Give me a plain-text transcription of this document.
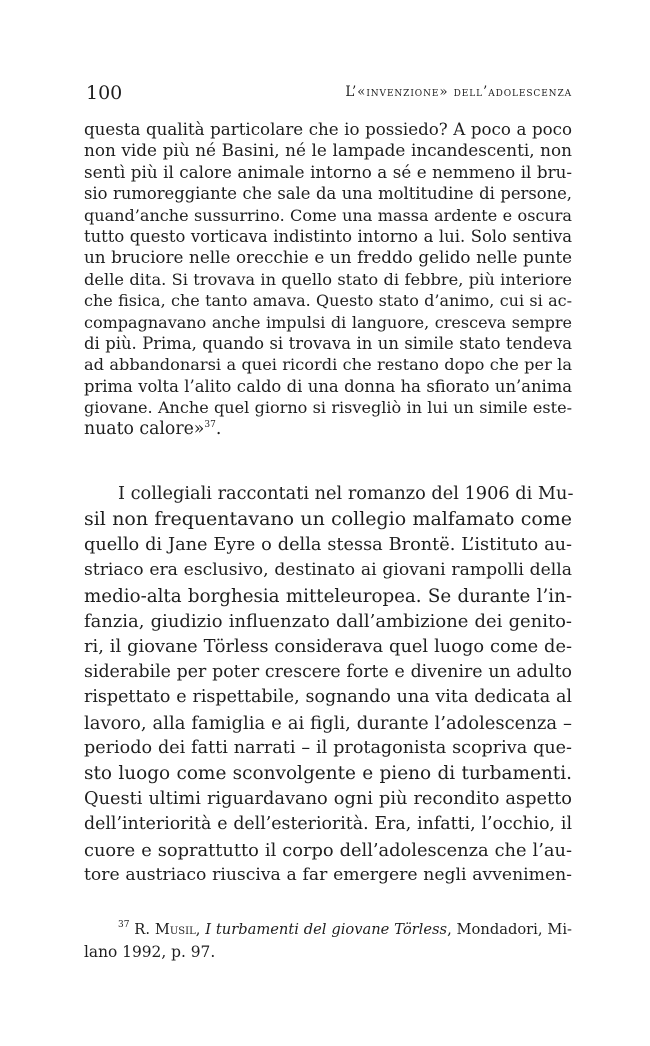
100	L’«invenzione» dell’adolescenza
questa qualità particolare che io possiedo? A poco a poco
non vide più né Basini, né le lampade incandescenti, non
sentì più il calore animale intorno a sé e nemmeno il bru-
sio rumoreggiante che sale da una moltitudine di persone,
quand’anche sussurrino. Come una massa ardente e oscura
tutto questo vorticava indistinto intorno a lui. Solo sentiva
un bruciore nelle orecchie e un freddo gelido nelle punte
delle dita. Si trovava in quello stato di febbre, più interiore
che fisica, che tanto amava. Questo stato d’animo, cui si ac-
compagnavano anche impulsi di languore, cresceva sempre
di più. Prima, quando si trovava in un simile stato tendeva
ad abbandonarsi a quei ricordi che restano dopo che per la
prima volta l’alito caldo di una donna ha sfiorato un’anima
giovane. Anche quel giorno si risvegliò in lui un simile este-
nuato calore»$^{37}$.
I collegiali raccontati nel romanzo del 1906 di Mu-
sil non frequentavano un collegio malfamato come
quello di Jane Eyre o della stessa Brontë. L’istituto au-
striaco era esclusivo, destinato ai giovani rampolli della
medio-alta borghesia mitteleuropea. Se durante l’in-
fanzia, giudizio influenzato dall’ambizione dei genito-
ri, il giovane Törless considerava quel luogo come de-
siderabile per poter crescere forte e divenire un adulto
rispettato e rispettabile, sognando una vita dedicata al
lavoro, alla famiglia e ai figli, durante l’adolescenza –
periodo dei fatti narrati – il protagonista scopriva que-
sto luogo come sconvolgente e pieno di turbamenti.
Questi ultimi riguardavano ogni più recondito aspetto
dell’interiorità e dell’esteriorità. Era, infatti, l’occhio, il
cuore e soprattutto il corpo dell’adolescenza che l’au-
tore austriaco riusciva a far emergere negli avvenimen-
$^{37}$ R. Musil, I turbamenti del giovane Törless, Mondadori, Mi-
lano 1992, p. 97.
